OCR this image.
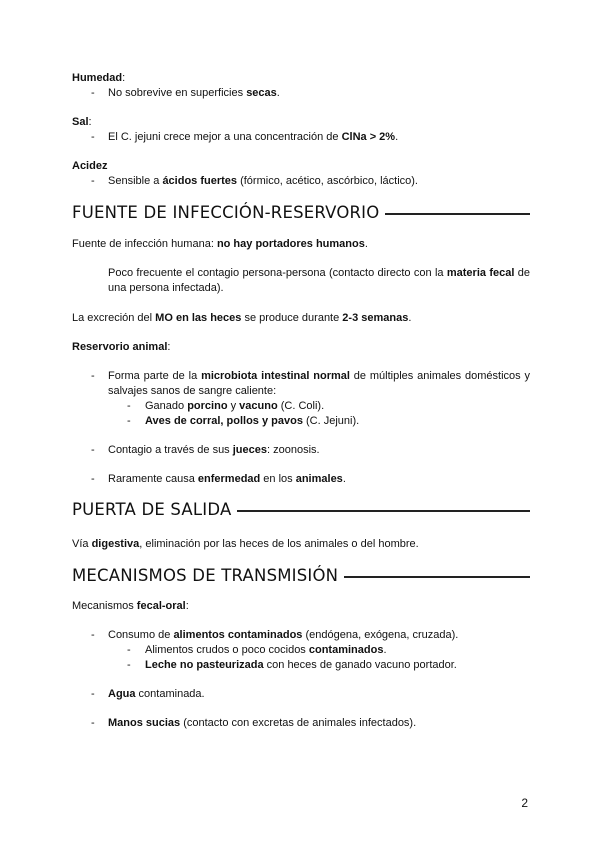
Humedad:
- No sobrevive en superficies secas.
Sal:
- El C. jejuni crece mejor a una concentración de ClNa > 2%.
Acidez
- Sensible a ácidos fuertes (fórmico, acético, ascórbico, láctico).
FUENTE DE INFECCIÓN-RESERVORIO
Fuente de infección humana: no hay portadores humanos.
Poco frecuente el contagio persona-persona (contacto directo con la materia fecal de una persona infectada).
La excreción del MO en las heces se produce durante 2-3 semanas.
Reservorio animal:
- Forma parte de la microbiota intestinal normal de múltiples animales domésticos y salvajes sanos de sangre caliente:
- Ganado porcino y vacuno (C. Coli).
- Aves de corral, pollos y pavos (C. Jejuni).
- Contagio a través de sus jueces: zoonosis.
- Raramente causa enfermedad en los animales.
PUERTA DE SALIDA
Vía digestiva, eliminación por las heces de los animales o del hombre.
MECANISMOS DE TRANSMISIÓN
Mecanismos fecal-oral:
- Consumo de alimentos contaminados (endógena, exógena, cruzada).
- Alimentos crudos o poco cocidos contaminados.
- Leche no pasteurizada con heces de ganado vacuno portador.
- Agua contaminada.
- Manos sucias (contacto con excretas de animales infectados).
2
